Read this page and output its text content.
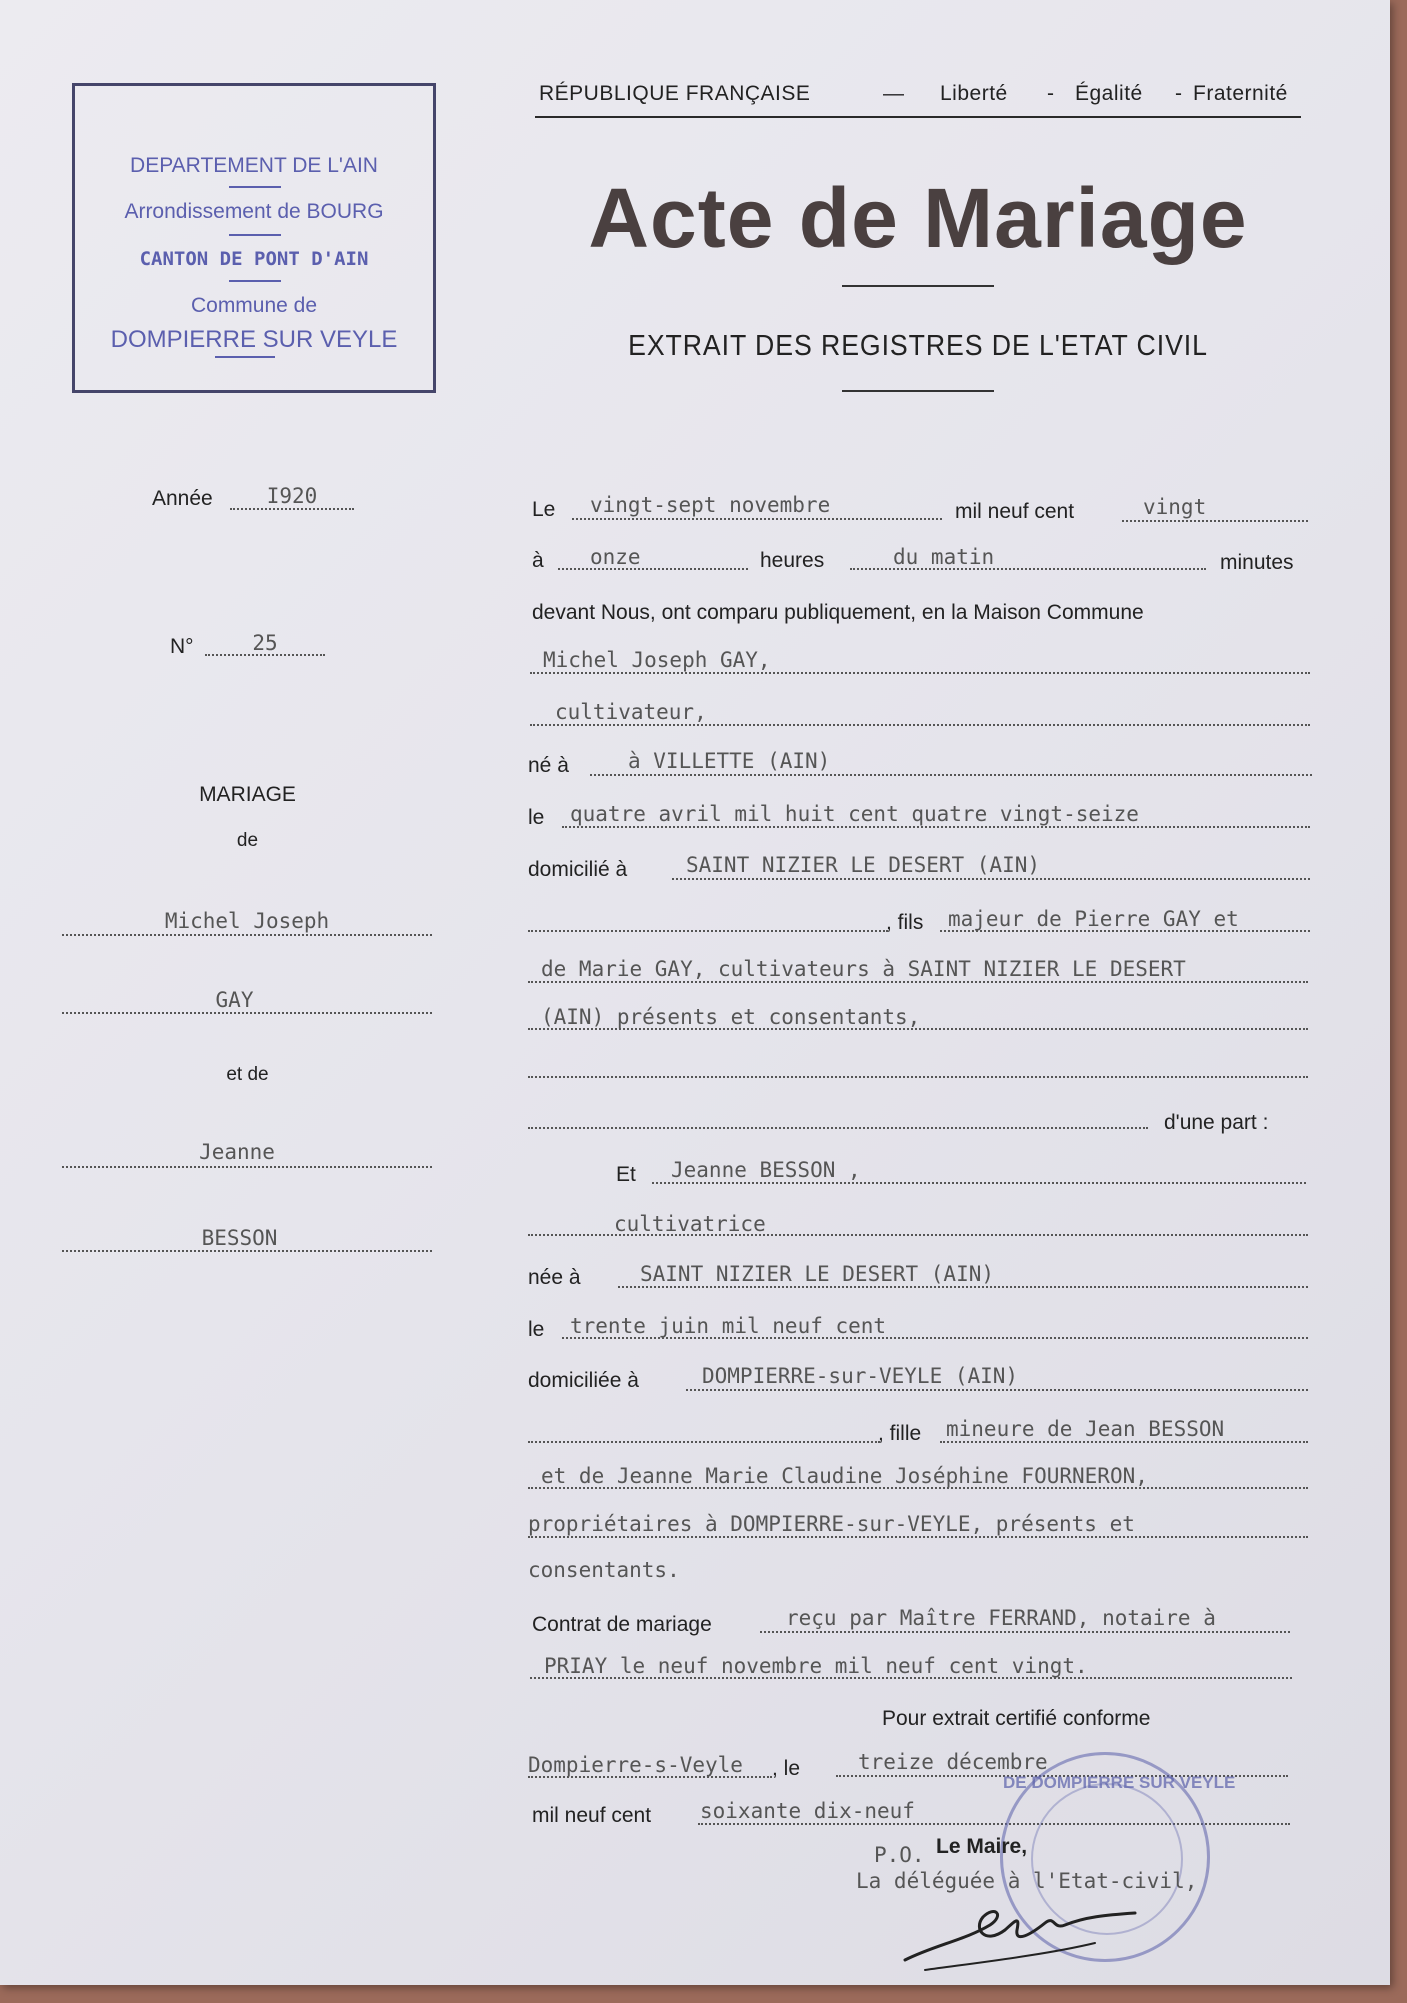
DEPARTEMENT DE L'AIN
Arrondissement de BOURG
CANTON DE PONT D'AIN
Commune de
DOMPIERRE SUR VEYLE
RÉPUBLIQUE FRANÇAISE	— Liberté - Égalité - Fraternité
Acte de Mariage
EXTRAIT DES REGISTRES DE L'ETAT CIVIL
Année	I920
N°	25
MARIAGE
de
Michel Joseph
GAY
et de
Jeanne
BESSON
Le vingt-sept novembre	mil neuf cent	vingt
à onze	heures	du matin	minutes
devant Nous, ont comparu publiquement, en la Maison Commune
Michel Joseph GAY,
cultivateur,
né à	à VILLETTE (AIN)
le quatre avril mil huit cent quatre vingt-seize
domicilié à	SAINT NIZIER LE DESERT (AIN)
, fils majeur de Pierre GAY et
de Marie GAY, cultivateurs à SAINT NIZIER LE DESERT
(AIN) présents et consentants,
d'une part :
Et Jeanne BESSON ,
cultivatrice
née à	SAINT NIZIER LE DESERT (AIN)
le trente juin mil neuf cent
domiciliée à	DOMPIERRE-sur-VEYLE (AIN)
, fille mineure de Jean BESSON
et de Jeanne Marie Claudine Joséphine FOURNERON,
propriétaires à DOMPIERRE-sur-VEYLE, présents et
consentants.
Contrat de mariage	reçu par Maître FERRAND, notaire à
PRIAY le neuf novembre mil neuf cent vingt.
Pour extrait certifié conforme
Dompierre-s-Veyle , le	treize décembre
mil neuf cent soixante dix-neuf
DE DOMPIERRE SUR VEYLE
P.O. Le Maire,
La déléguée à l'Etat-civil,
